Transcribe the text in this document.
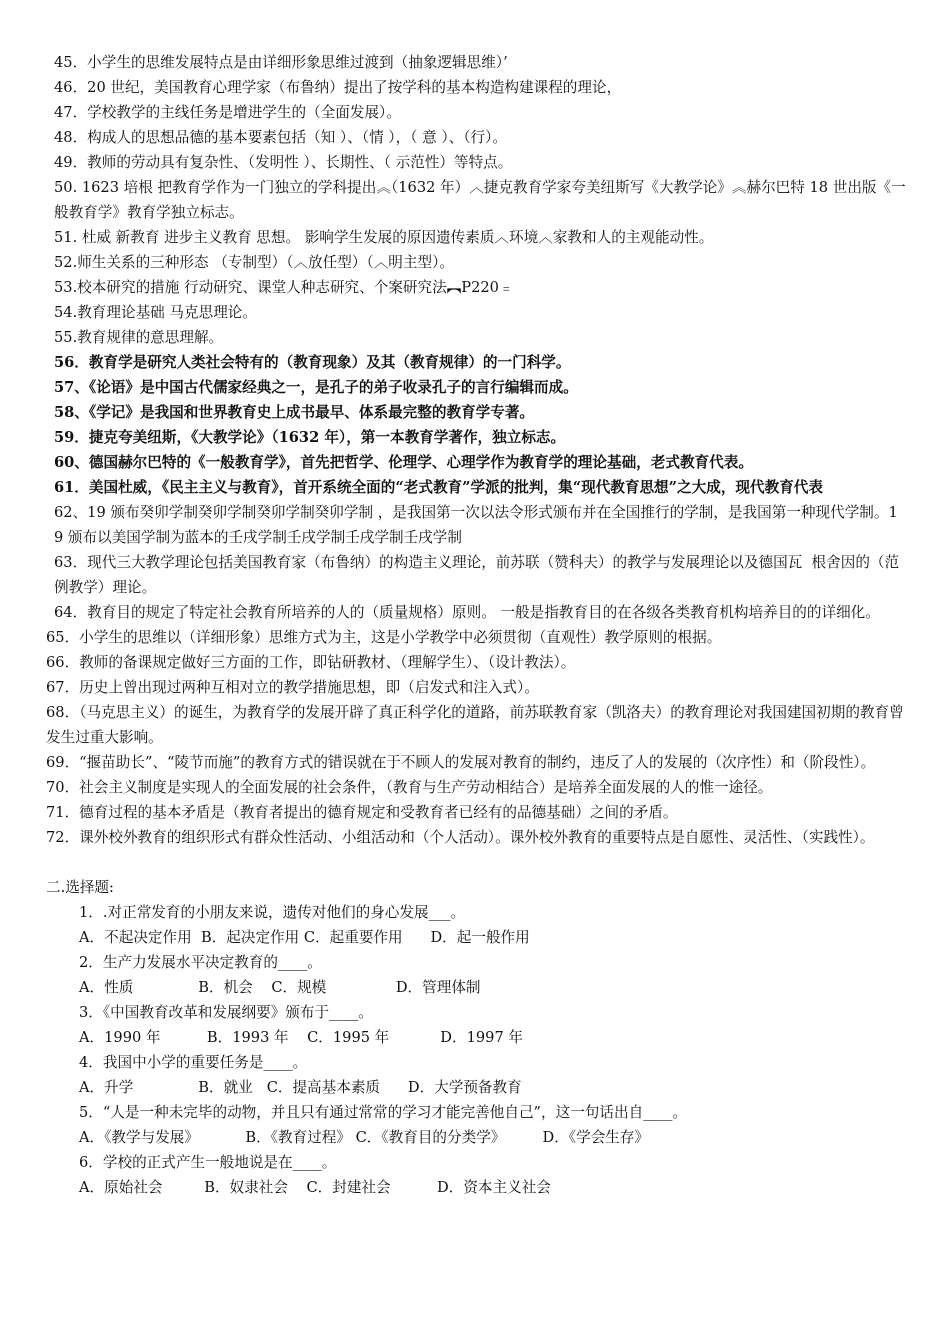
45．小学生的思维发展特点是由详细形象思维过渡到（抽象逻辑思维）’
46．20 世纪，美国教育心理学家（布鲁纳）提出了按学科的基本构造构建课程的理论，
47．学校教学的主线任务是增进学生的（全面发展）。
48．构成人的思想品德的基本要素包括（知 ）、（情 ），（ 意 ）、（行）。
49．教师的劳动具有复杂性、（发明性 ）、长期性、（ 示范性）等特点。
50. 1623 培根 把教育学作为一门独立的学科提出︽（1632 年）︿捷克教育学家夸美纽斯写《大教学论》︽赫尔巴特 18 世出版《一般教育学》教育学独立标志。
51. 杜威 新教育 进步主义教育 思想。 影响学生发展的原因遗传素质︿环境︿家教和人的主观能动性。
52.师生关系的三种形态 （专制型）（︿放任型）（︿明主型）。
53.校本研究的措施 行动研究、课堂人种志研究、个案研究法︻P220﹦
54.教育理论基础 马克思理论。
55.教育规律的意思理解。
56．教育学是研究人类社会特有的（教育现象）及其（教育规律）的一门科学。
57、《论语》是中国古代儒家经典之一，是孔子的弟子收录孔子的言行编辑而成。
58、《学记》是我国和世界教育史上成书最早、体系最完整的教育学专著。
59．捷克夸美纽斯，《大教学论》（1632 年），第一本教育学著作，独立标志。
60、德国赫尔巴特的《一般教育学》，首先把哲学、伦理学、心理学作为教育学的理论基础，老式教育代表。
61．美国杜威，《民主主义与教育》，首开系统全面的“老式教育”学派的批判，集“现代教育思想”之大成，现代教育代表
62、19 颁布癸卯学制癸卯学制癸卯学制癸卯学制 ，是我国第一次以法令形式颁布并在全国推行的学制，是我国第一种现代学制。19 颁布以美国学制为蓝本的壬戌学制壬戌学制壬戌学制壬戌学制
63．现代三大教学理论包括美国教育家（布鲁纳）的构造主义理论，前苏联（赞科夫）的教学与发展理论以及德国瓦  根舍因的（范例教学）理论。
64．教育目的规定了特定社会教育所培养的人的（质量规格）原则。 一般是指教育目的在各级各类教育机构培养目的的详细化。
65．小学生的思维以（详细形象）思维方式为主，这是小学教学中必须贯彻（直观性）教学原则的根据。
66．教师的备课规定做好三方面的工作，即钻研教材、（理解学生）、（设计教法）。
67．历史上曾出现过两种互相对立的教学措施思想，即（启发式和注入式）。
68．（马克思主义）的诞生，为教育学的发展开辟了真正科学化的道路，前苏联教育家（凯洛夫）的教育理论对我国建国初期的教育曾发生过重大影响。
69．“揠苗助长”、“陵节而施”的教育方式的错误就在于不顾人的发展对教育的制约，违反了人的发展的（次序性）和（阶段性）。
70．社会主义制度是实现人的全面发展的社会条件，（教育与生产劳动相结合）是培养全面发展的人的惟一途径。
71．德育过程的基本矛盾是（教育者提出的德育规定和受教育者已经有的品德基础）之间的矛盾。
72．课外校外教育的组织形式有群众性活动、小组活动和（个人活动）。课外校外教育的重要特点是自愿性、灵活性、（实践性）。
二.选择题:
1．.对正常发育的小朋友来说，遗传对他们的身心发展___。
A．不起决定作用  B．起决定作用 C．起重要作用      D．起一般作用
2．生产力发展水平决定教育的____。
A．性质              B．机会    C．规模               D．管理体制
3．《中国教育改革和发展纲要》颁布于____。
A．1990 年          B．1993 年    C．1995 年           D．1997 年
4．我国中小学的重要任务是____。
A．升学              B．就业   C．提高基本素质      D．大学预备教育
5．“人是一种未完毕的动物，并且只有通过常常的学习才能完善他自己”，这一句话出自____。
A．《教学与发展》          B．《教育过程》 C．《教育目的分类学》        D．《学会生存》
6．学校的正式产生一般地说是在____。
A．原始社会         B．奴隶社会    C．封建社会          D．资本主义社会
